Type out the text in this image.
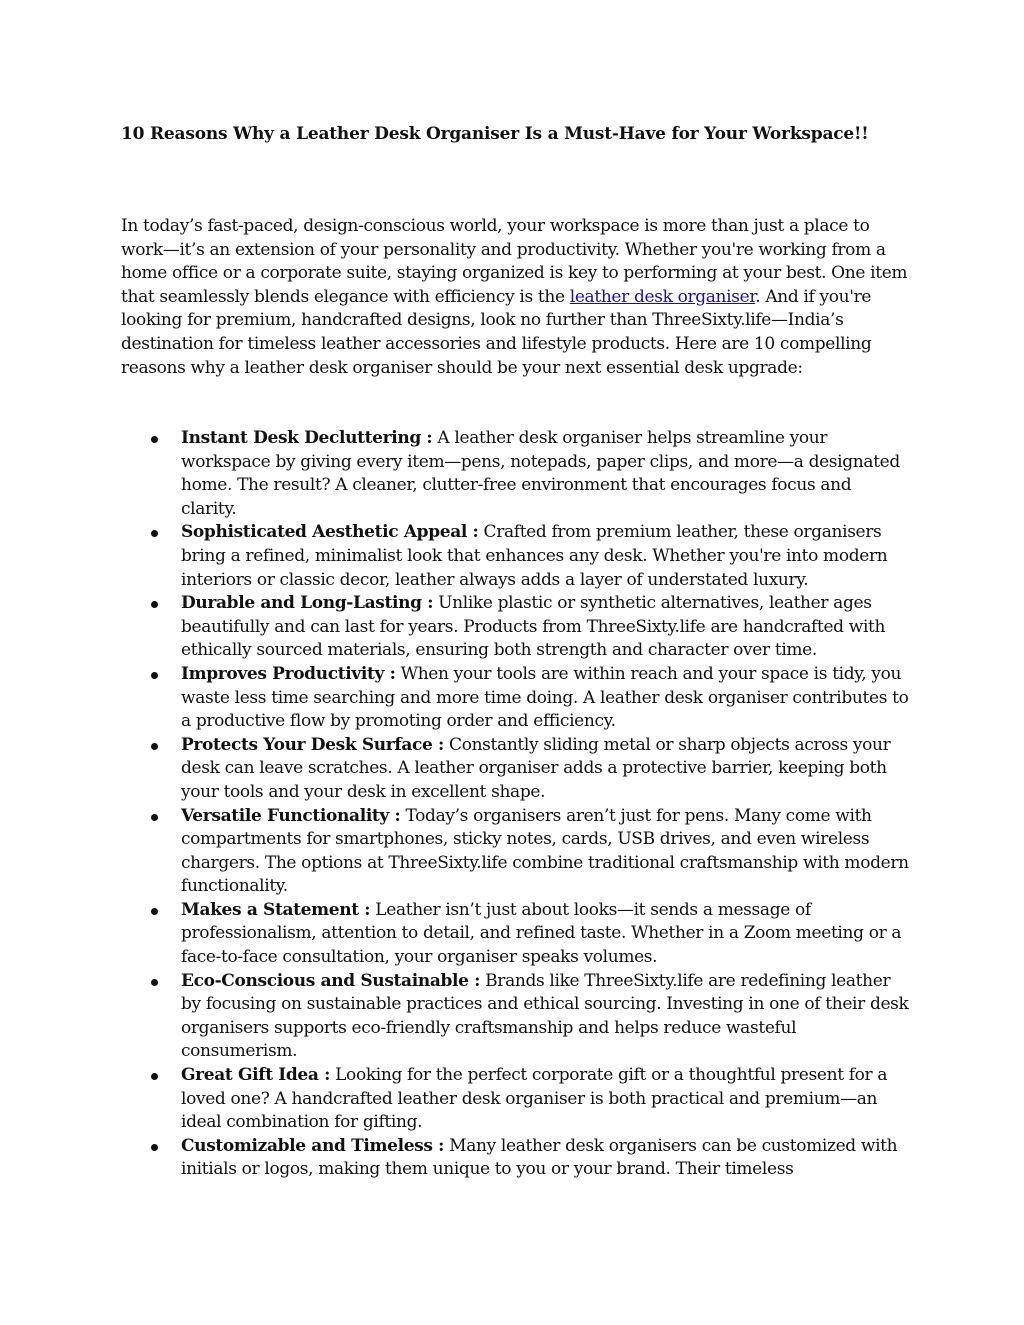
10 Reasons Why a Leather Desk Organiser Is a Must-Have for Your Workspace!!

In today’s fast-paced, design-conscious world, your workspace is more than just a place to work—it’s an extension of your personality and productivity. Whether you're working from a home office or a corporate suite, staying organized is key to performing at your best. One item that seamlessly blends elegance with efficiency is the leather desk organiser. And if you're looking for premium, handcrafted designs, look no further than ThreeSixty.life—India’s destination for timeless leather accessories and lifestyle products. Here are 10 compelling reasons why a leather desk organiser should be your next essential desk upgrade:

Instant Desk Decluttering : A leather desk organiser helps streamline your workspace by giving every item—pens, notepads, paper clips, and more—a designated home. The result? A cleaner, clutter-free environment that encourages focus and clarity.
Sophisticated Aesthetic Appeal : Crafted from premium leather, these organisers bring a refined, minimalist look that enhances any desk. Whether you're into modern interiors or classic decor, leather always adds a layer of understated luxury.
Durable and Long-Lasting : Unlike plastic or synthetic alternatives, leather ages beautifully and can last for years. Products from ThreeSixty.life are handcrafted with ethically sourced materials, ensuring both strength and character over time.
Improves Productivity : When your tools are within reach and your space is tidy, you waste less time searching and more time doing. A leather desk organiser contributes to a productive flow by promoting order and efficiency.
Protects Your Desk Surface : Constantly sliding metal or sharp objects across your desk can leave scratches. A leather organiser adds a protective barrier, keeping both your tools and your desk in excellent shape.
Versatile Functionality : Today’s organisers aren’t just for pens. Many come with compartments for smartphones, sticky notes, cards, USB drives, and even wireless chargers. The options at ThreeSixty.life combine traditional craftsmanship with modern functionality.
Makes a Statement : Leather isn’t just about looks—it sends a message of professionalism, attention to detail, and refined taste. Whether in a Zoom meeting or a face-to-face consultation, your organiser speaks volumes.
Eco-Conscious and Sustainable : Brands like ThreeSixty.life are redefining leather by focusing on sustainable practices and ethical sourcing. Investing in one of their desk organisers supports eco-friendly craftsmanship and helps reduce wasteful consumerism.
Great Gift Idea : Looking for the perfect corporate gift or a thoughtful present for a loved one? A handcrafted leather desk organiser is both practical and premium—an ideal combination for gifting.
Customizable and Timeless : Many leather desk organisers can be customized with initials or logos, making them unique to you or your brand. Their timeless
